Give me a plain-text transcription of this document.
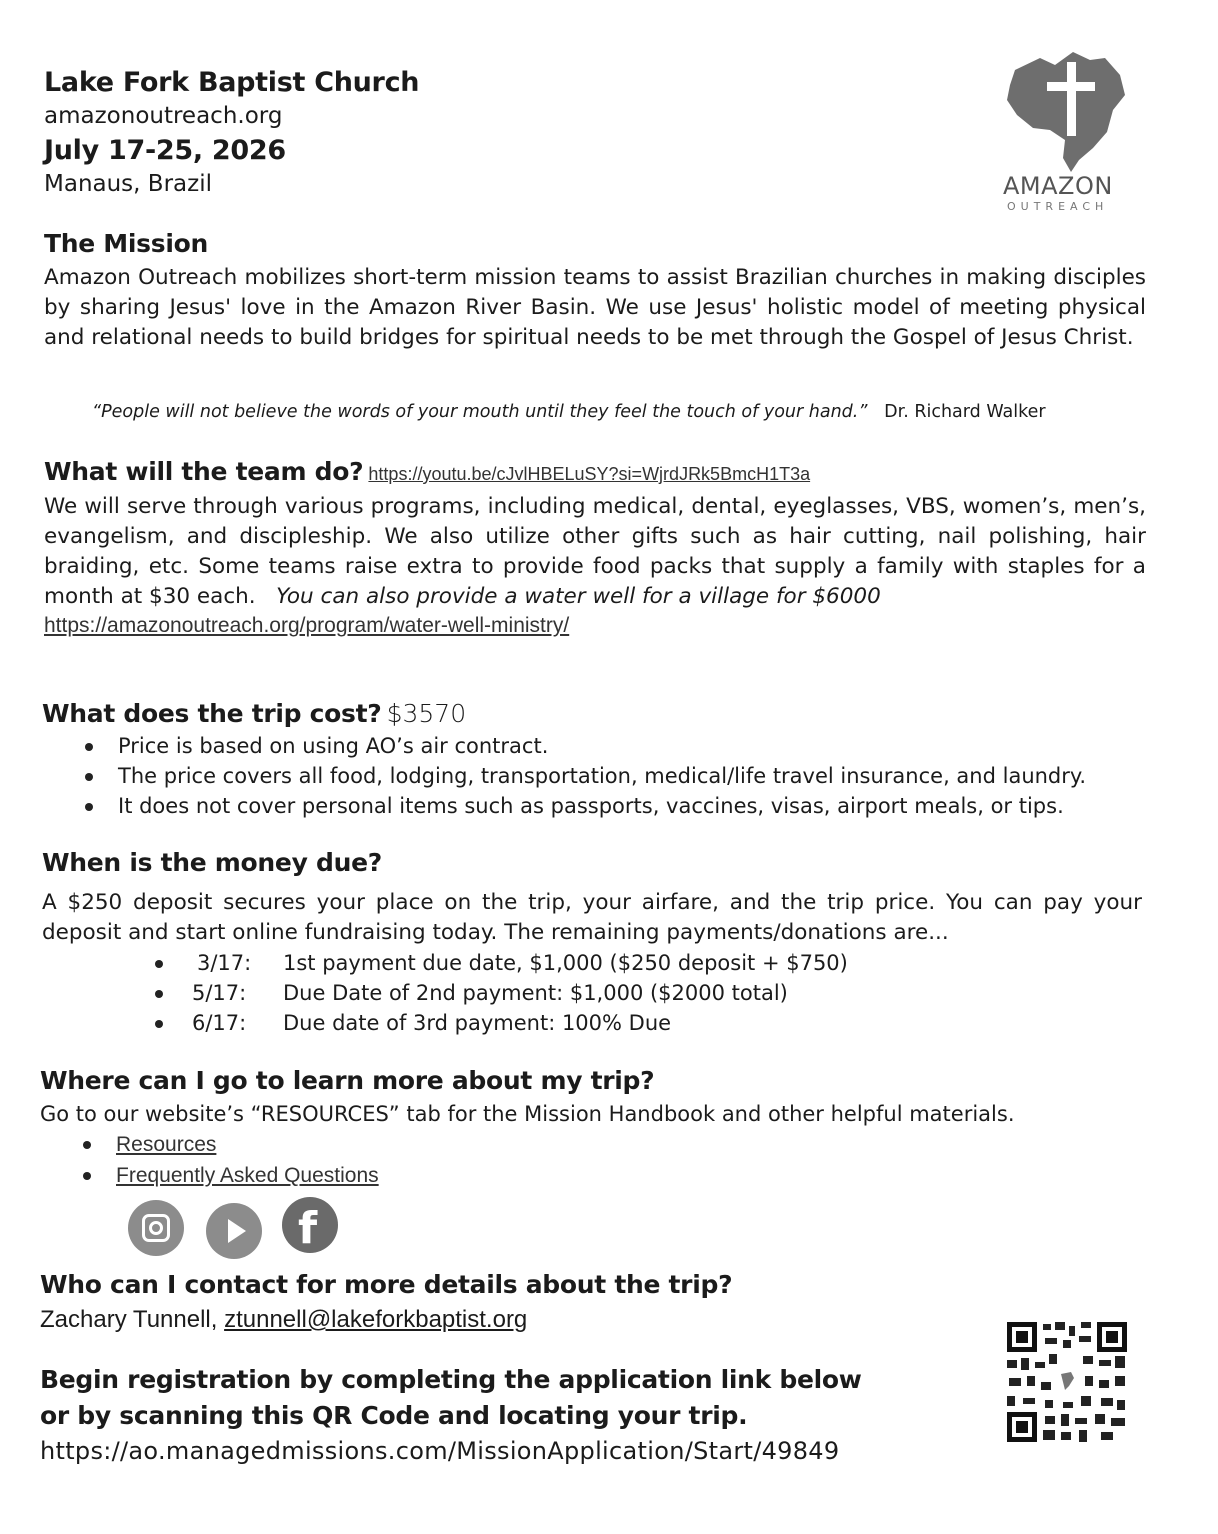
Lake Fork Baptist Church
amazonoutreach.org
July 17-25, 2026
Manaus, Brazil	AMAZON
OUTREACH
The Mission
Amazon Outreach mobilizes short-term mission teams to assist Brazilian churches in making disciples by sharing Jesus' love in the Amazon River Basin. We use Jesus' holistic model of meeting physical and relational needs to build bridges for spiritual needs to be met through the Gospel of Jesus Christ.
“People will not believe the words of your mouth until they feel the touch of your hand.” Dr. Richard Walker
What will the team do? https://youtu.be/cJvlHBELuSY?si=WjrdJRk5BmcH1T3a
We will serve through various programs, including medical, dental, eyeglasses, VBS, women’s, men’s, evangelism, and discipleship. We also utilize other gifts such as hair cutting, nail polishing, hair braiding, etc. Some teams raise extra to provide food packs that supply a family with staples for a month at $30 each. You can also provide a water well for a village for $6000
https://amazonoutreach.org/program/water-well-ministry/
What does the trip cost? $3570
Price is based on using AO’s air contract.
The price covers all food, lodging, transportation, medical/life travel insurance, and laundry.
It does not cover personal items such as passports, vaccines, visas, airport meals, or tips.
When is the money due?
A $250 deposit secures your place on the trip, your airfare, and the trip price. You can pay your deposit and start online fundraising today. The remaining payments/donations are...
3/17: 1st payment due date, $1,000 ($250 deposit + $750)
5/17: Due Date of 2nd payment: $1,000 ($2000 total)
6/17: Due date of 3rd payment: 100% Due
Where can I go to learn more about my trip?
Go to our website’s “RESOURCES” tab for the Mission Handbook and other helpful materials.
Resources
Frequently Asked Questions
f
Who can I contact for more details about the trip?
Zachary Tunnell, ztunnell@lakeforkbaptist.org
Begin registration by completing the application link below
or by scanning this QR Code and locating your trip.
https://ao.managedmissions.com/MissionApplication/Start/49849
